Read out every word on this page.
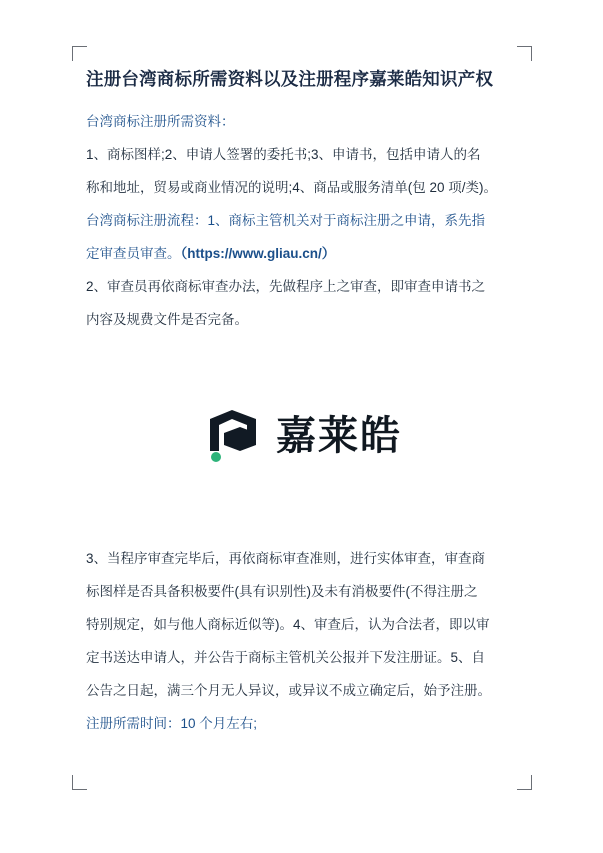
注册台湾商标所需资料以及注册程序嘉莱皓知识产权

台湾商标注册所需资料：

1、商标图样;2、申请人签署的委托书;3、申请书，包括申请人的名

称和地址，贸易或商业情况的说明;4、商品或服务清单(包 20 项/类)。

台湾商标注册流程：1、商标主管机关对于商标注册之申请，系先指

定审查员审查。（https://www.gliau.cn/）

2、审查员再依商标审查办法，先做程序上之审查，即审查申请书之

内容及规费文件是否完备。

嘉莱皓

3、当程序审查完毕后，再依商标审查准则，进行实体审查，审查商

标图样是否具备积极要件(具有识别性)及未有消极要件(不得注册之

特别规定，如与他人商标近似等)。4、审查后，认为合法者，即以审

定书送达申请人，并公告于商标主管机关公报并下发注册证。5、自

公告之日起，满三个月无人异议，或异议不成立确定后，始予注册。

注册所需时间：10 个月左右;
